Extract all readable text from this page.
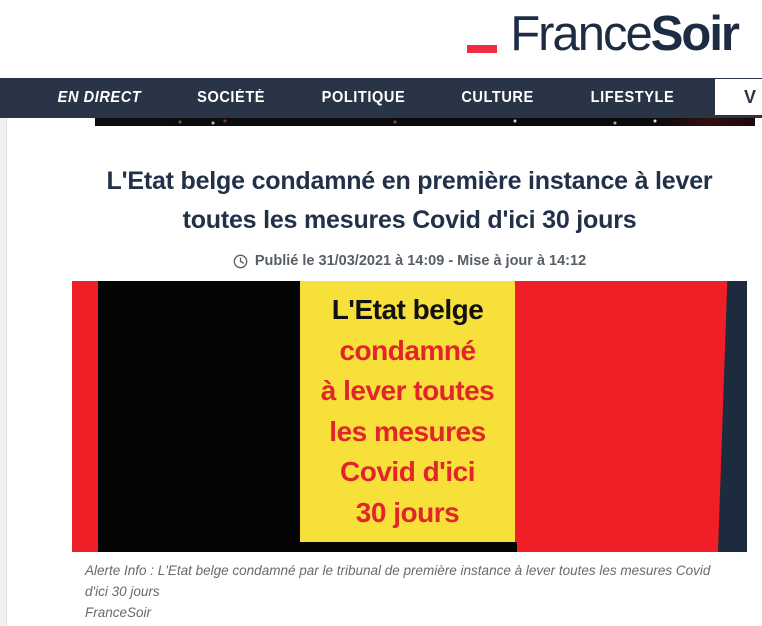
France Soir
EN DIRECT	SOCIÉTÉ	POLITIQUE	CULTURE	LIFESTYLE	V
L'Etat belge condamné en première instance à lever toutes les mesures Covid d'ici 30 jours
Publié le 31/03/2021 à 14:09 - Mise à jour à 14:12
L'Etat belge
condamné
à lever toutes
les mesures
Covid d'ici
30 jours
Alerte Info : L'Etat belge condamné par le tribunal de première instance à lever toutes les mesures Covid d'ici 30 jours
FranceSoir
